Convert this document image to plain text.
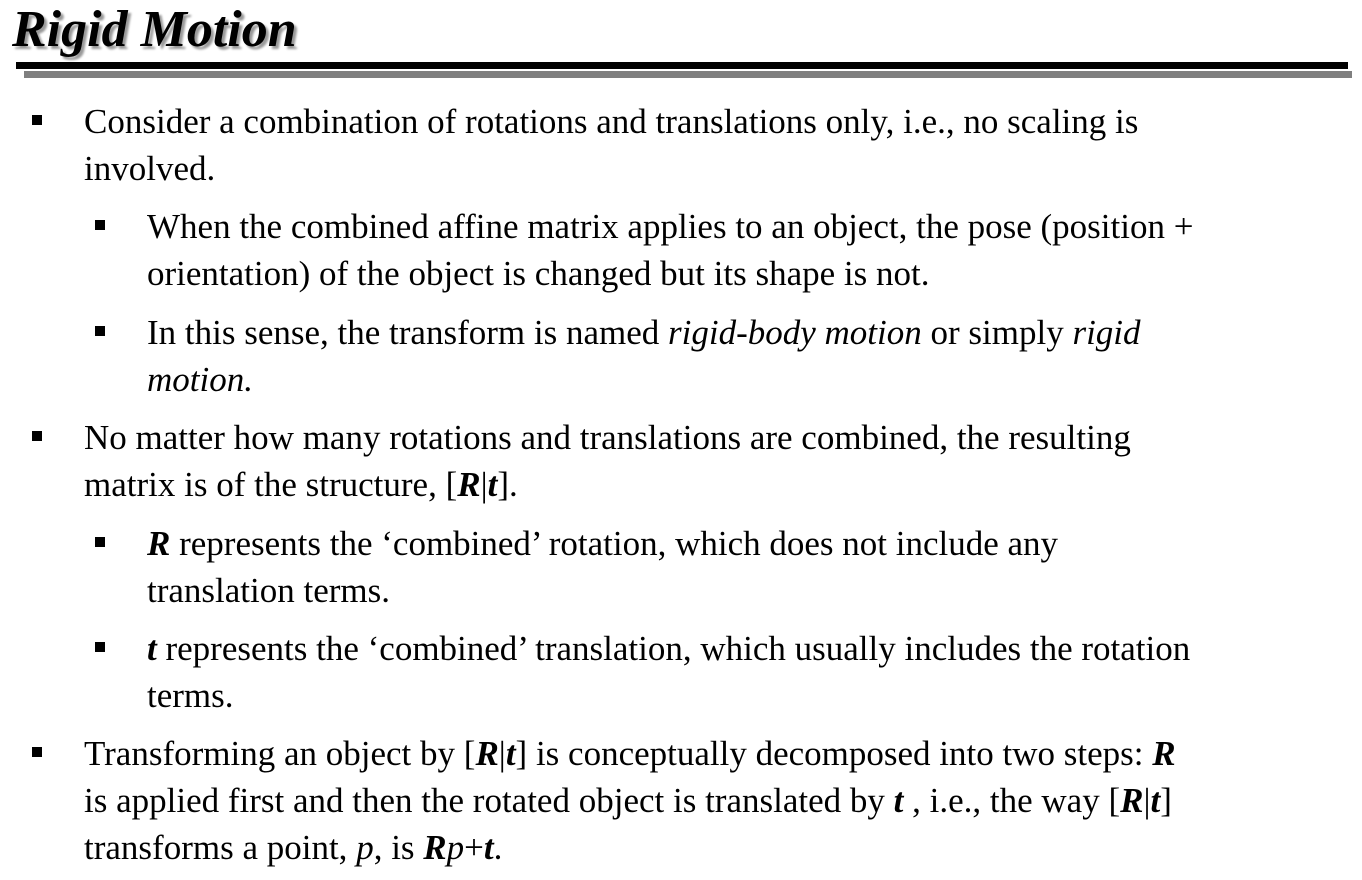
Rigid Motion
Consider a combination of rotations and translations only, i.e., no scaling is
involved.
When the combined affine matrix applies to an object, the pose (position +
orientation) of the object is changed but its shape is not.
In this sense, the transform is named rigid-body motion or simply rigid
motion.
No matter how many rotations and translations are combined, the resulting
matrix is of the structure, [R|t].
R represents the ‘combined’ rotation, which does not include any
translation terms.
t represents the ‘combined’ translation, which usually includes the rotation
terms.
Transforming an object by [R|t] is conceptually decomposed into two steps: R
is applied first and then the rotated object is translated by t , i.e., the way [R|t]
transforms a point, p, is Rp+t.
